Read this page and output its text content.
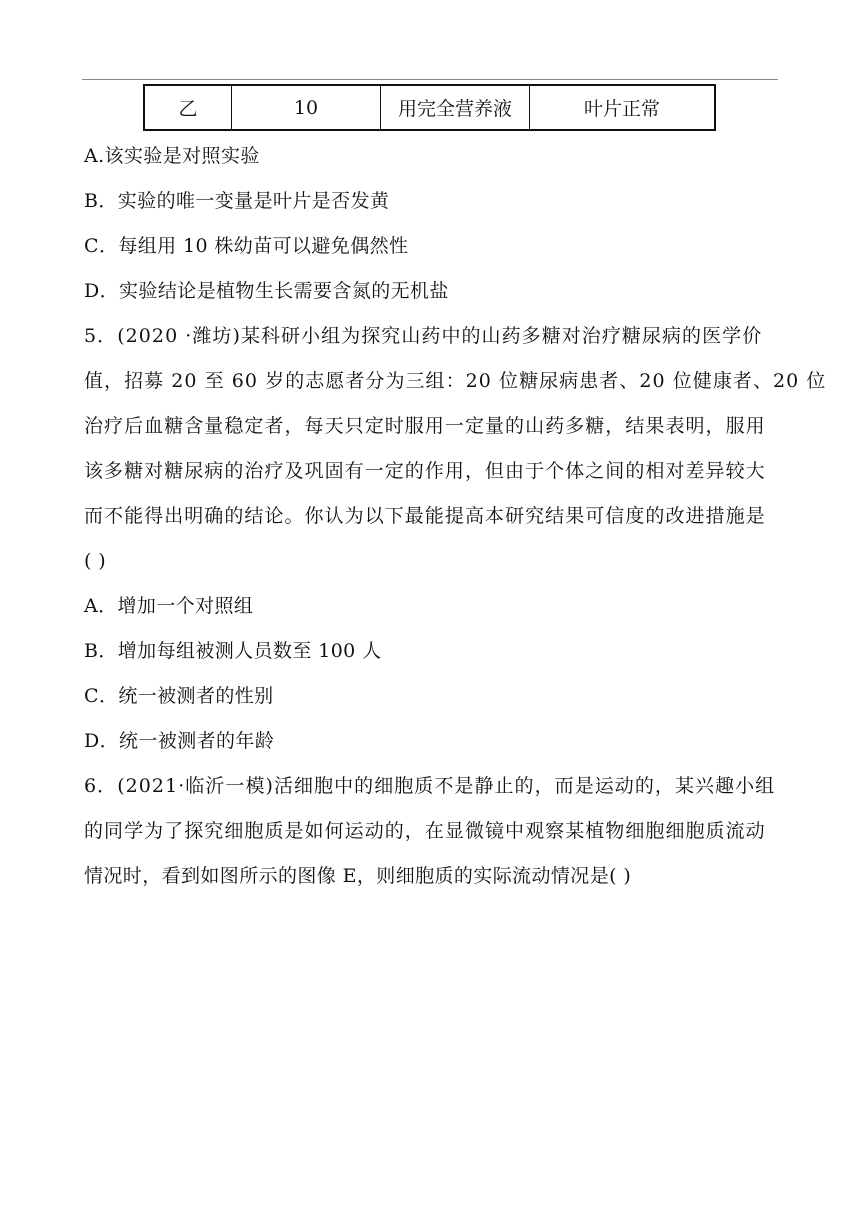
乙	10	用完全营养液	叶片正常
A.该实验是对照实验
B．实验的唯一变量是叶片是否发黄
C．每组用 10 株幼苗可以避免偶然性
D．实验结论是植物生长需要含氮的无机盐
5．(2020 ·潍坊)某科研小组为探究山药中的山药多糖对治疗糖尿病的医学价
值，招募 20 至 60 岁的志愿者分为三组：20 位糖尿病患者、20 位健康者、20 位
治疗后血糖含量稳定者，每天只定时服用一定量的山药多糖，结果表明，服用
该多糖对糖尿病的治疗及巩固有一定的作用，但由于个体之间的相对差异较大
而不能得出明确的结论。你认为以下最能提高本研究结果可信度的改进措施是
( )
A．增加一个对照组
B．增加每组被测人员数至 100 人
C．统一被测者的性别
D．统一被测者的年龄
6．(2021·临沂一模)活细胞中的细胞质不是静止的，而是运动的，某兴趣小组
的同学为了探究细胞质是如何运动的，在显微镜中观察某植物细胞细胞质流动
情况时，看到如图所示的图像 E，则细胞质的实际流动情况是( )
